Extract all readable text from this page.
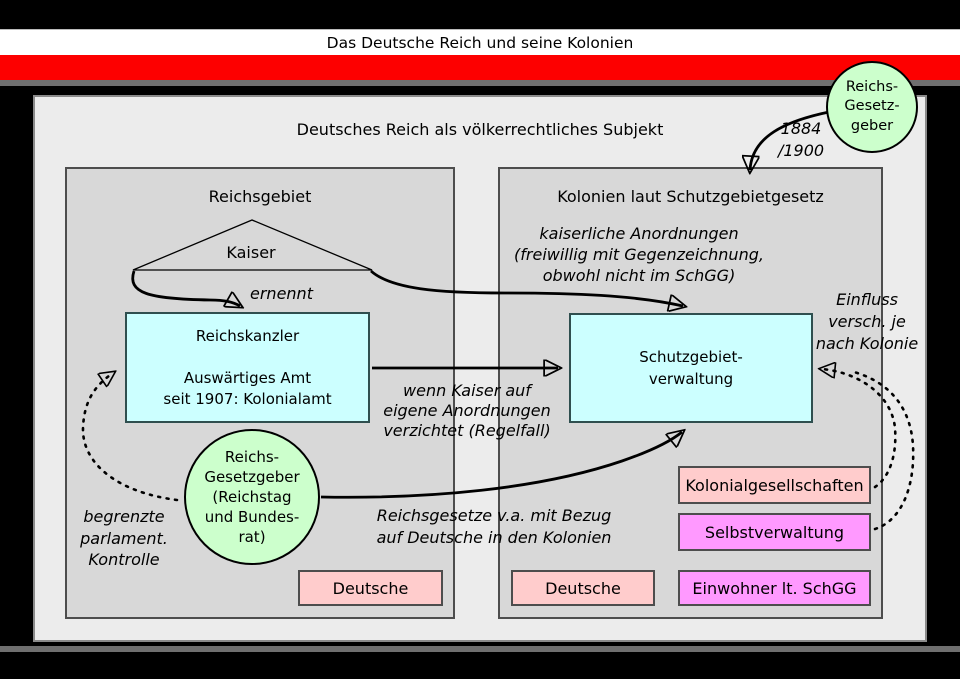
Das Deutsche Reich und seine Kolonien
Deutsches Reich als völkerrechtliches Subjekt
Reichsgebiet	Kolonien laut Schutzgebietgesetz
Kaiser
ernennt
Reichskanzler
Auswärtiges Amt
seit 1907: Kolonialamt
Reichs-
Gesetzgeber
(Reichstag
und Bundes-
rat)
begrenzte
parlament.
Kontrolle
Deutsche
kaiserliche Anordnungen
(freiwillig mit Gegenzeichnung,
obwohl nicht im SchGG)
Schutzgebiet-
verwaltung
Kolonialgesellschaften
Selbstverwaltung
Deutsche	Einwohner lt. SchGG
1884
/1900
Einfluss
versch. je
nach Kolonie
wenn Kaiser auf
eigene Anordnungen
verzichtet (Regelfall)
Reichsgesetze v.a. mit Bezug
auf Deutsche in den Kolonien
Reichs-
Gesetz-
geber
